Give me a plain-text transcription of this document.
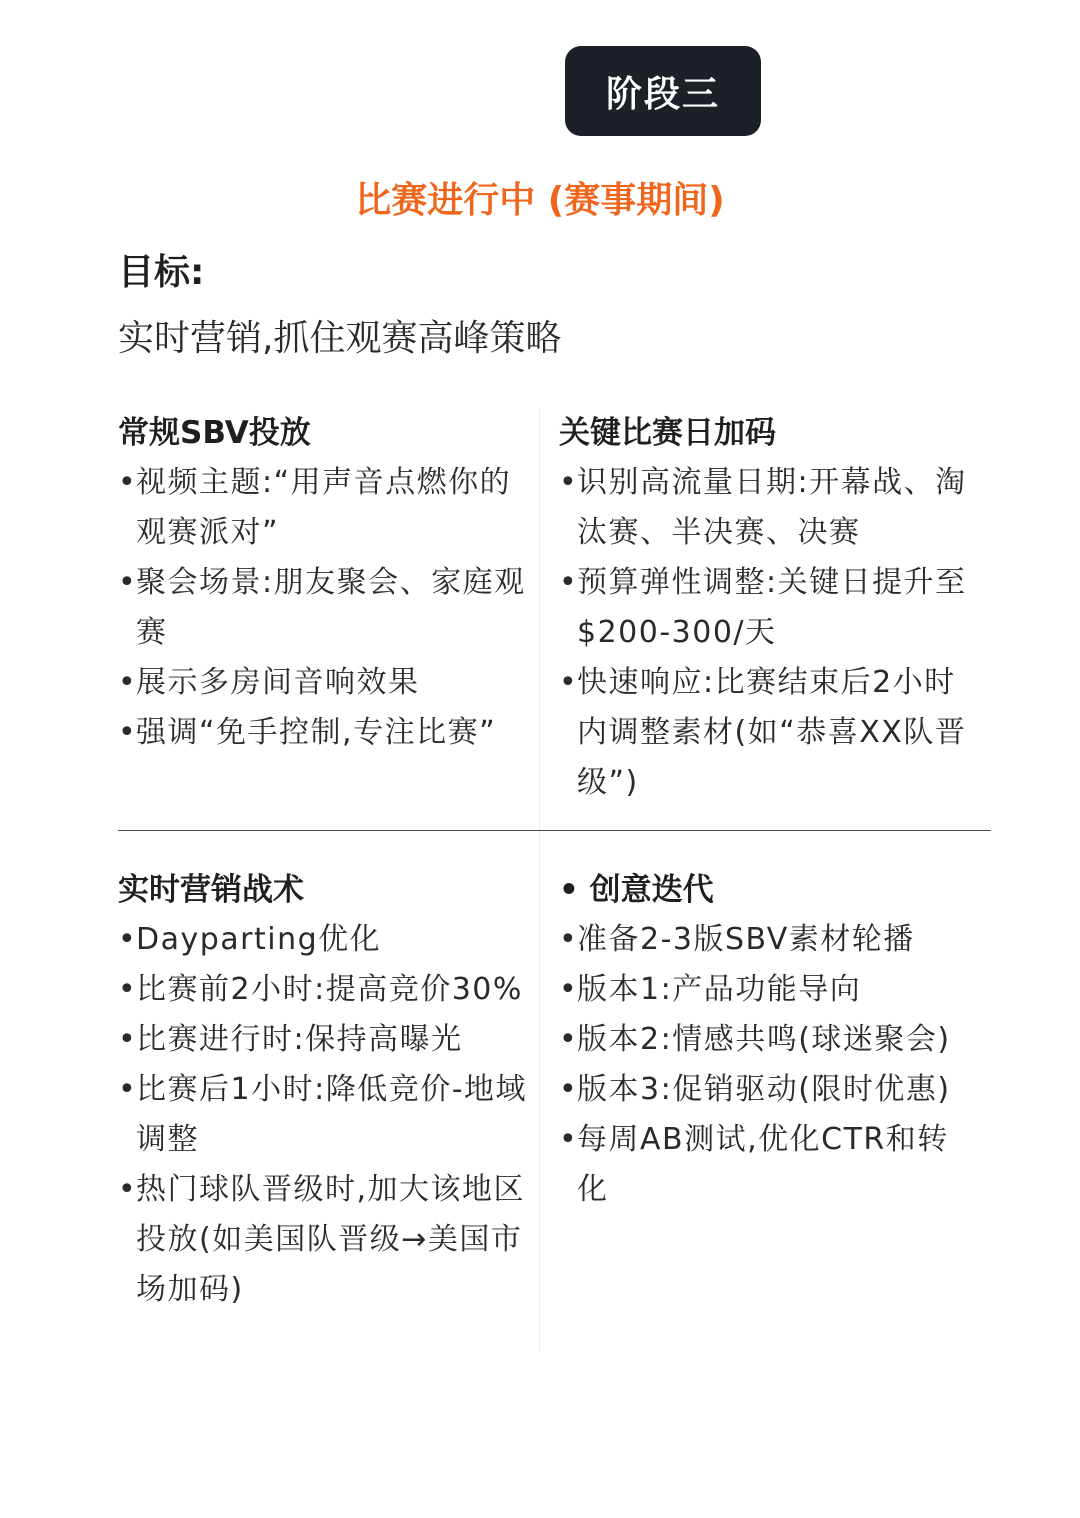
阶段三
比赛进行中 (赛事期间)
目标:
实时营销,抓住观赛高峰策略
常规SBV投放
• 视频主题:“用声音点燃你的观赛派对”
• 聚会场景:朋友聚会、家庭观赛
• 展示多房间音响效果
• 强调“免手控制,专注比赛”
关键比赛日加码
• 识别高流量日期:开幕战、淘汰赛、半决赛、决赛
• 预算弹性调整:关键日提升至$200-300/天
• 快速响应:比赛结束后2小时内调整素材(如“恭喜XX队晋级”)
实时营销战术
• Dayparting优化
• 比赛前2小时:提高竞价30%
• 比赛进行时:保持高曝光
• 比赛后1小时:降低竞价-地域调整
• 热门球队晋级时,加大该地区投放(如美国队晋级→美国市场加码)
• 创意迭代
• 准备2-3版SBV素材轮播
• 版本1:产品功能导向
• 版本2:情感共鸣(球迷聚会)
• 版本3:促销驱动(限时优惠)
• 每周AB测试,优化CTR和转化
